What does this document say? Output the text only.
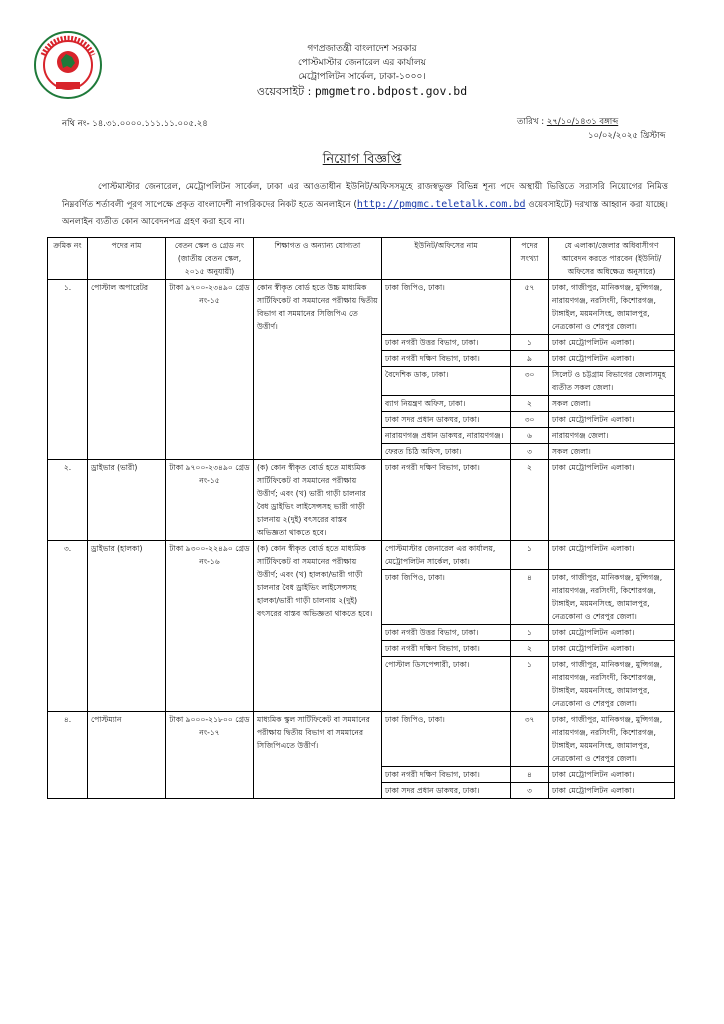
গণপ্রজাতন্ত্রী বাংলাদেশ সরকার
পোস্টমাস্টার জেনারেল এর কার্যালয়
মেট্রোপলিটন সার্কেল, ঢাকা-১০০০।
ওয়েবসাইট : pmgmetro.bdpost.gov.bd
নথি নং- ১৪.৩১.০০০০.১১১.১১.০০৫.২৪	তারিখ : ২৭/১০/১৪৩১ বঙ্গাব্দ
১০/০২/২০২৫ খ্রিস্টাব্দ
নিয়োগ বিজ্ঞপ্তি
পোস্টমাস্টার জেনারেল, মেট্রোপলিটন সার্কেল, ঢাকা এর আওতাধীন ইউনিট/অফিসসমূহে রাজস্বভুক্ত বিভিন্ন শূন্য পদে অস্থায়ী ভিত্তিতে সরাসরি নিয়োগের নিমিত্ত নিম্নবর্ণিত শর্তাবলী পূরণ সাপেক্ষে প্রকৃত বাংলাদেশী নাগরিকদের নিকট হতে অনলাইনে (http://pmgmc.teletalk.com.bd ওয়েবসাইটে) দরখাস্ত আহ্বান করা যাচ্ছে। অনলাইন ব্যতীত কোন আবেদনপত্র গ্রহণ করা হবে না।
ক্রমিক নং	পদের নাম	বেতন স্কেল ও গ্রেড নং (জাতীয় বেতন স্কেল, ২০১৫ অনুযায়ী)	শিক্ষাগত ও অন্যান্য যোগ্যতা	ইউনিট/অফিসের নাম	পদের সংখ্যা	যে এলাকা/জেলার অধিবাসীগণ আবেদন করতে পারবেন (ইউনিট/অফিসের অধিক্ষেত্র অনুসারে)
১.	পোস্টাল অপারেটর	টাকা ৯৭০০-২৩৪৯০ গ্রেড নং-১৫	কোন স্বীকৃত বোর্ড হতে উচ্চ মাধ্যমিক সার্টিফিকেট বা সমমানের পরীক্ষায় দ্বিতীয় বিভাগ বা সমমানের সিজিপিএ তে উত্তীর্ণ।	ঢাকা জিপিও, ঢাকা।	৫৭	ঢাকা, গাজীপুর, মানিকগঞ্জ, মুন্সিগঞ্জ, নারায়ণগঞ্জ, নরসিংদী, কিশোরগঞ্জ, টাঙ্গাইল, ময়মনসিংহ, জামালপুর, নেত্রকোনা ও শেরপুর জেলা।
				ঢাকা নগরী উত্তর বিভাগ, ঢাকা।	১	ঢাকা মেট্রোপলিটন এলাকা।
				ঢাকা নগরী দক্ষিণ বিভাগ, ঢাকা।	৯	ঢাকা মেট্রোপলিটন এলাকা।
				বৈদেশিক ডাক, ঢাকা।	৩০	সিলেট ও চট্টগ্রাম বিভাগের জেলাসমূহ ব্যতীত সকল জেলা।
				ব্যাগ নিয়ন্ত্রণ অফিস, ঢাকা।	২	সকল জেলা।
				ঢাকা সদর প্রধান ডাকঘর, ঢাকা।	৩০	ঢাকা মেট্রোপলিটন এলাকা।
				নারায়ণগঞ্জ প্রধান ডাকঘর, নারায়ণগঞ্জ।	৬	নারায়ণগঞ্জ জেলা।
				ফেরত চিঠি অফিস, ঢাকা।	৩	সকল জেলা।
২.	ড্রাইভার (ভারী)	টাকা ৯৭০০-২৩৪৯০ গ্রেড নং-১৫	(ক) কোন স্বীকৃত বোর্ড হতে মাধ্যমিক সার্টিফিকেট বা সমমানের পরীক্ষায় উত্তীর্ণ; এবং (খ) ভারী গাড়ী চালনার বৈধ ড্রাইভিং লাইসেন্সসহ ভারী গাড়ী চালনায় ২(দুই) বৎসরের বাস্তব অভিজ্ঞতা থাকতে হবে।	ঢাকা নগরী দক্ষিণ বিভাগ, ঢাকা।	২	ঢাকা মেট্রোপলিটন এলাকা।
৩.	ড্রাইভার (হালকা)	টাকা ৯৩০০-২২৪৯০ গ্রেড নং-১৬	(ক) কোন স্বীকৃত বোর্ড হতে মাধ্যমিক সার্টিফিকেট বা সমমানের পরীক্ষায় উত্তীর্ণ; এবং (খ) হালকা/ভারী গাড়ী চালনার বৈধ ড্রাইভিং লাইসেন্সসহ হালকা/ভারী গাড়ী চালনায় ২(দুই) বৎসরের বাস্তব অভিজ্ঞতা থাকতে হবে।	পোস্টমাস্টার জেনারেল এর কার্যালয়, মেট্রোপলিটন সার্কেল, ঢাকা।	১	ঢাকা মেট্রোপলিটন এলাকা।
				ঢাকা জিপিও, ঢাকা।	৪	ঢাকা, গাজীপুর, মানিকগঞ্জ, মুন্সিগঞ্জ, নারায়ণগঞ্জ, নরসিংদী, কিশোরগঞ্জ, টাঙ্গাইল, ময়মনসিংহ, জামালপুর, নেত্রকোনা ও শেরপুর জেলা।
				ঢাকা নগরী উত্তর বিভাগ, ঢাকা।	১	ঢাকা মেট্রোপলিটন এলাকা।
				ঢাকা নগরী দক্ষিণ বিভাগ, ঢাকা।	২	ঢাকা মেট্রোপলিটন এলাকা।
				পোস্টাল ডিসপেন্সারী, ঢাকা।	১	ঢাকা, গাজীপুর, মানিকগঞ্জ, মুন্সিগঞ্জ, নারায়ণগঞ্জ, নরসিংদী, কিশোরগঞ্জ, টাঙ্গাইল, ময়মনসিংহ, জামালপুর, নেত্রকোনা ও শেরপুর জেলা।
৪.	পোস্টম্যান	টাকা ৯০০০-২১৮০০ গ্রেড নং-১৭	মাধ্যমিক স্কুল সার্টিফিকেট বা সমমানের পরীক্ষায় দ্বিতীয় বিভাগ বা সমমানের সিজিপিএতে উত্তীর্ণ।	ঢাকা জিপিও, ঢাকা।	৩৭	ঢাকা, গাজীপুর, মানিকগঞ্জ, মুন্সিগঞ্জ, নারায়ণগঞ্জ, নরসিংদী, কিশোরগঞ্জ, টাঙ্গাইল, ময়মনসিংহ, জামালপুর, নেত্রকোনা ও শেরপুর জেলা।
				ঢাকা নগরী দক্ষিণ বিভাগ, ঢাকা।	৪	ঢাকা মেট্রোপলিটন এলাকা।
				ঢাকা সদর প্রধান ডাকঘর, ঢাকা।	৩	ঢাকা মেট্রোপলিটন এলাকা।
